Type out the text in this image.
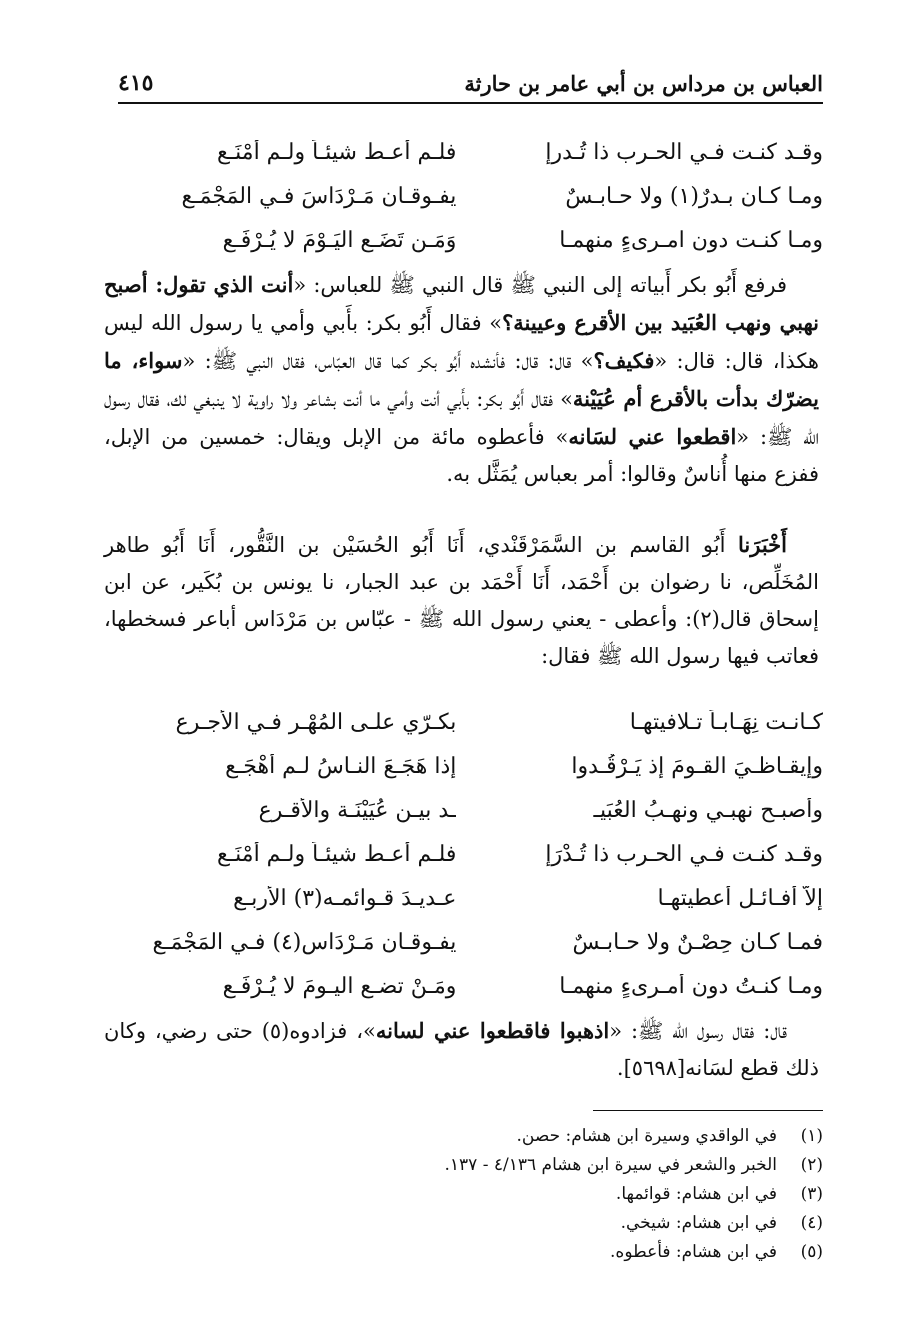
العباس بن مرداس بن أبي عامر بن حارثة
٤١٥
وقـد كنـت فـي الحـرب ذا تُـدرإٍ
فلـم أُعـط شيئـاً ولـم أُمْنَـع
ومـا كـان بـدرٌ(١) ولا حـابـسٌ
يفـوقـان مَـرْدَاسَ فـي المَجْمَـع
ومـا كنـت دون امـرىءٍ منهمـا
وَمَـن تَضَـعِ اليَـوْمَ لا يُـرْفَـع

فرفع أَبُو بكر أَبياته إلى النبي ﷺ قال النبي ﷺ للعباس: «أنت الذي تقول: أصبح نهبي ونهب العُبَيد بين الأقرع وعيينة؟» فقال أَبُو بكر: بأَبي وأمي يا رسول الله ليس هكذا، قال: قال: «فكيف؟» قال: قال: فأنشده أَبُو بكر كما قال العبّاس، فقال النبي ﷺ: «سواء، ما يضرّك بدأت بالأقرع أم عُيَيْنة» فقال أَبُو بكر: بأَبي أنت وأمي ما أنت بشاعر ولا راوية لا ينبغي لك، فقال رسول الله ﷺ: «اقطعوا عني لسَانه» فأعطوه مائة من الإبل ويقال: خمسين من الإبل، ففزع منها أُناسٌ وقالوا: أمر بعباس يُمَثَّل به.

أَخْبَرَنا أَبُو القاسم بن السَّمَرْقَنْدي، أَنَا أَبُو الحُسَيْن بن النَّقُّور، أَنَا أَبُو طاهر المُخَلِّص، نا رضوان بن أَحْمَد، أَنَا أَحْمَد بن عبد الجبار، نا يونس بن بُكَير، عن ابن إسحاق قال(٢): وأعطى - يعني رسول الله ﷺ - عبّاس بن مَرْدَاس أباعر فسخطها، فعاتب فيها رسول الله ﷺ فقال:

كـانـت نِهَـابـاً تـلافيتهـا
بكـرّي علـى المُهْـرِ فـي الأجـرع
وإيقـاظـيَ القـومَ إذ يَـرْقُـدوا
إذا هَجَـعَ النـاسُ لـم أَهْجَـع
وأصبـح نهبـي ونهـبُ العُبَيـ
ـد بيـن عُيَيْنَـة والأقـرع
وقـد كنـت فـي الحـرب ذا تُـدْرَإٍ
فلـم أُعـط شيئـاً ولـم أُمْنَـع
إلاّ أفـائـل أُعطيتهـا
عـديـدَ قـوائمـه(٣) الأربـع
فمـا كـان حِصْـنٌ ولا حـابـسٌ
يفـوقـان مَـرْدَاس(٤) فـي المَجْمَـع
ومـا كنـتُ دون أمـرىءٍ منهمـا
ومَـنْ تضـع اليـومَ لا يُـرْفَـع

قال: فقال رسول الله ﷺ: «اذهبوا فاقطعوا عني لسانه»، فزادوه(٥) حتى رضي، وكان ذلك قطع لسَانه[٥٦٩٨].

(١)
في الواقدي وسيرة ابن هشام: حصن.
(٢)
الخبر والشعر في سيرة ابن هشام ٤/١٣٦ - ١٣٧.
(٣)
في ابن هشام: قوائمها.
(٤)
في ابن هشام: شيخي.
(٥)
في ابن هشام: فأعطوه.
